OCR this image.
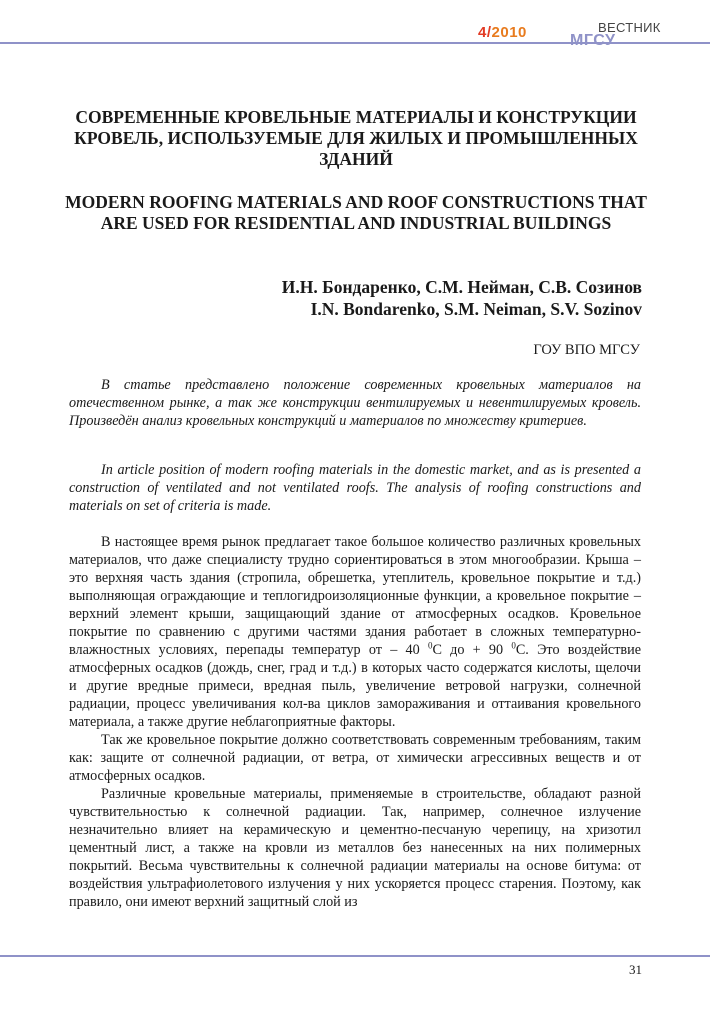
4/2010	ВЕСТНИК
МГСУ
СОВРЕМЕННЫЕ КРОВЕЛЬНЫЕ МАТЕРИАЛЫ И КОНСТРУКЦИИ КРОВЕЛЬ, ИСПОЛЬЗУЕМЫЕ ДЛЯ ЖИЛЫХ И ПРОМЫШЛЕННЫХ ЗДАНИЙ
MODERN ROOFING MATERIALS AND ROOF CONSTRUCTIONS THAT ARE USED FOR RESIDENTIAL AND INDUSTRIAL BUILDINGS
И.Н. Бондаренко, С.М. Нейман, С.В. Созинов
I.N. Bondarenko, S.M. Neiman, S.V. Sozinov
ГОУ ВПО МГСУ

В статье представлено положение современных кровельных материалов на отечественном рынке, а так же конструкции вентилируемых и невентилируемых кровель. Произведён анализ кровельных конструкций и материалов по множеству критериев.

In article position of modern roofing materials in the domestic market, and as is presented a construction of ventilated and not ventilated roofs. The analysis of roofing constructions and materials on set of criteria is made.

В настоящее время рынок предлагает такое большое количество различных кровельных материалов, что даже специалисту трудно сориентироваться в этом многообразии. Крыша – это верхняя часть здания (стропила, обрешетка, утеплитель, кровельное покрытие и т.д.) выполняющая ограждающие и теплогидроизоляционные функции, а кровельное покрытие – верхний элемент крыши, защищающий здание от атмосферных осадков. Кровельное покрытие по сравнению с другими частями здания работает в сложных температурно-влажностных условиях, перепады температур от – 40 $^0$С до + 90 $^0$С. Это воздействие атмосферных осадков (дождь, снег, град и т.д.) в которых часто содержатся кислоты, щелочи и другие вредные примеси, вредная пыль, увеличение ветровой нагрузки, солнечной радиации, процесс увеличивания кол-ва циклов замораживания и оттаивания кровельного материала, а также другие неблагоприятные факторы.

Так же кровельное покрытие должно соответствовать современным требованиям, таким как: защите от солнечной радиации, от ветра, от химически агрессивных веществ и от атмосферных осадков.

Различные кровельные материалы, применяемые в строительстве, обладают разной чувствительностью к солнечной радиации. Так, например, солнечное излучение незначительно влияет на керамическую и цементно-песчаную черепицу, на хризотил цементный лист, а также на кровли из металлов без нанесенных на них полимерных покрытий. Весьма чувствительны к солнечной радиации материалы на основе битума: от воздействия ультрафиолетового излучения у них ускоряется процесс старения. Поэтому, как правило, они имеют верхний защитный слой из

31
